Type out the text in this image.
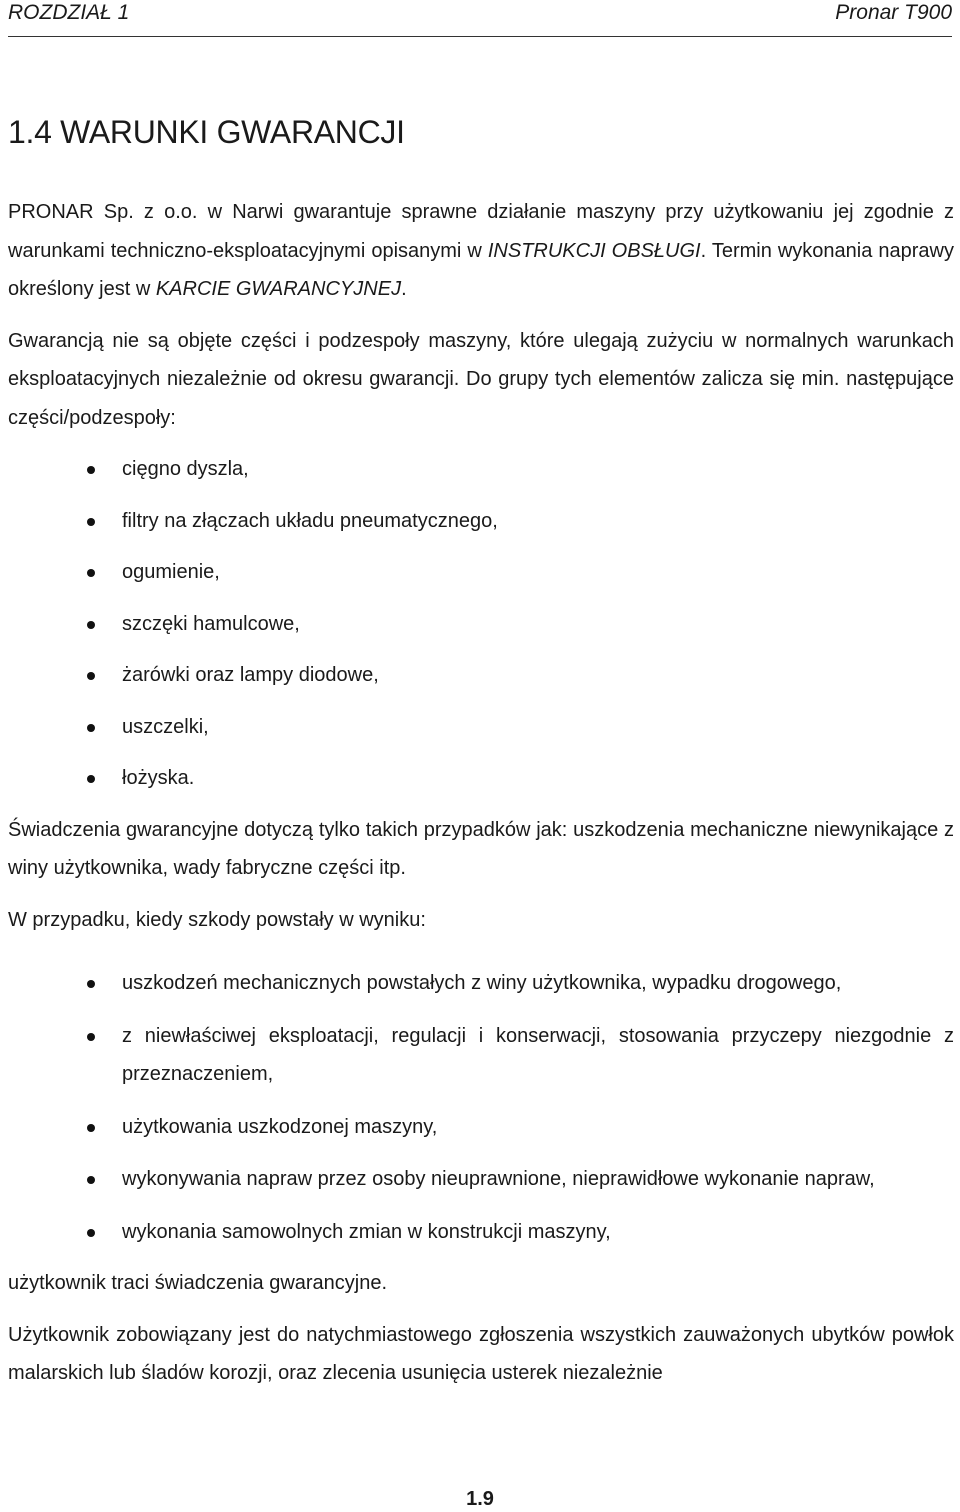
ROZDZIAŁ 1	Pronar T900
1.4 WARUNKI GWARANCJI

PRONAR Sp. z o.o. w Narwi gwarantuje sprawne działanie maszyny przy użytkowaniu jej zgodnie z warunkami techniczno-eksploatacyjnymi opisanymi w INSTRUKCJI OBSŁUGI. Termin wykonania naprawy określony jest w KARCIE GWARANCYJNEJ.

Gwarancją nie są objęte części i podzespoły maszyny, które ulegają zużyciu w normalnych warunkach eksploatacyjnych niezależnie od okresu gwarancji. Do grupy tych elementów zalicza się min. następujące części/podzespoły:

cięgno dyszla,
filtry na złączach układu pneumatycznego,
ogumienie,
szczęki hamulcowe,
żarówki oraz lampy diodowe,
uszczelki,
łożyska.

Świadczenia gwarancyjne dotyczą tylko takich przypadków jak: uszkodzenia mechaniczne niewynikające z winy użytkownika, wady fabryczne części itp.

W przypadku, kiedy szkody powstały w wyniku:

uszkodzeń mechanicznych powstałych z winy użytkownika, wypadku drogowego,
z niewłaściwej eksploatacji, regulacji i konserwacji, stosowania przyczepy niezgodnie z przeznaczeniem,
użytkowania uszkodzonej maszyny,
wykonywania napraw przez osoby nieuprawnione, nieprawidłowe wykonanie napraw,
wykonania samowolnych zmian w konstrukcji maszyny,

użytkownik traci świadczenia gwarancyjne.

Użytkownik zobowiązany jest do natychmiastowego zgłoszenia wszystkich zauważonych ubytków powłok malarskich lub śladów korozji, oraz zlecenia usunięcia usterek niezależnie

1.9
